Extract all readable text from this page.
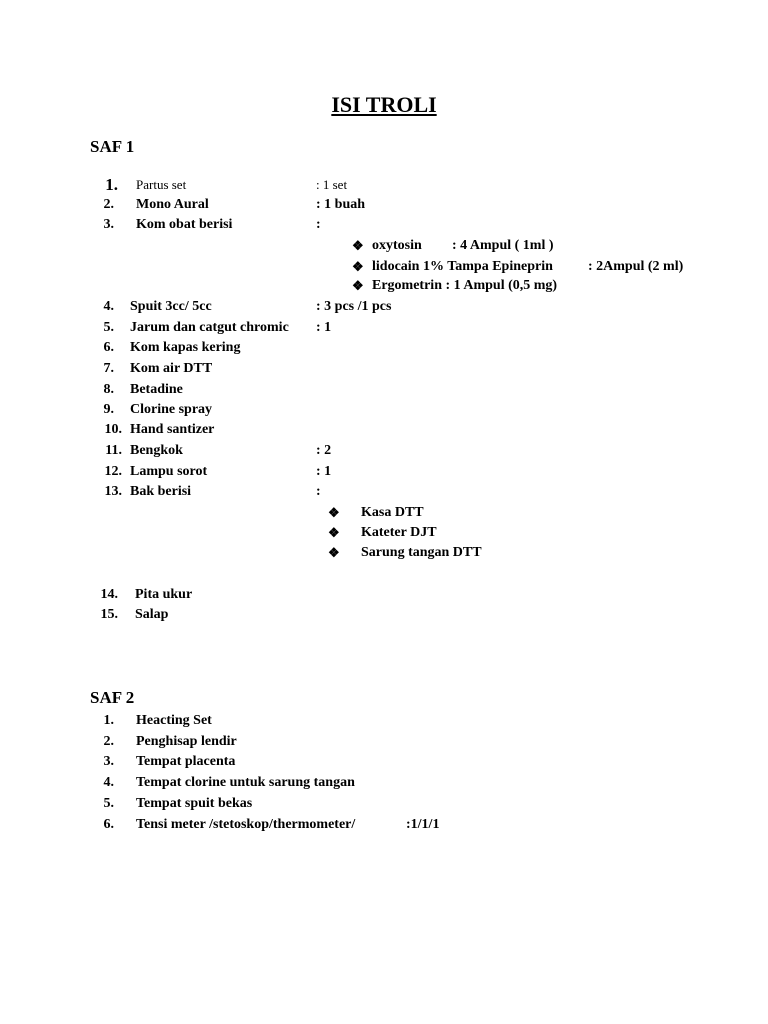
ISI TROLI
SAF 1
1. Partus set	: 1 set
2. Mono Aural	: 1 buah
3. Kom obat berisi	:
❖ oxytosin : 4 Ampul ( 1ml )
❖ lidocain 1% Tampa Epineprin	: 2Ampul (2 ml)
❖ Ergometrin : 1 Ampul (0,5 mg)
4. Spuit 3cc/ 5cc	: 3 pcs /1 pcs
5. Jarum dan catgut chromic : 1
6. Kom kapas kering
7. Kom air DTT
8. Betadine
9. Clorine spray
10. Hand santizer
11. Bengkok	: 2
12. Lampu sorot	: 1
13. Bak berisi	:
❖ Kasa DTT
❖ Kateter DJT
❖ Sarung tangan DTT
14. Pita ukur
15. Salap
SAF 2
1. Heacting Set
2. Penghisap lendir
3. Tempat placenta
4. Tempat clorine untuk sarung tangan
5. Tempat spuit bekas
6. Tensi meter /stetoskop/thermometer/	:1/1/1
